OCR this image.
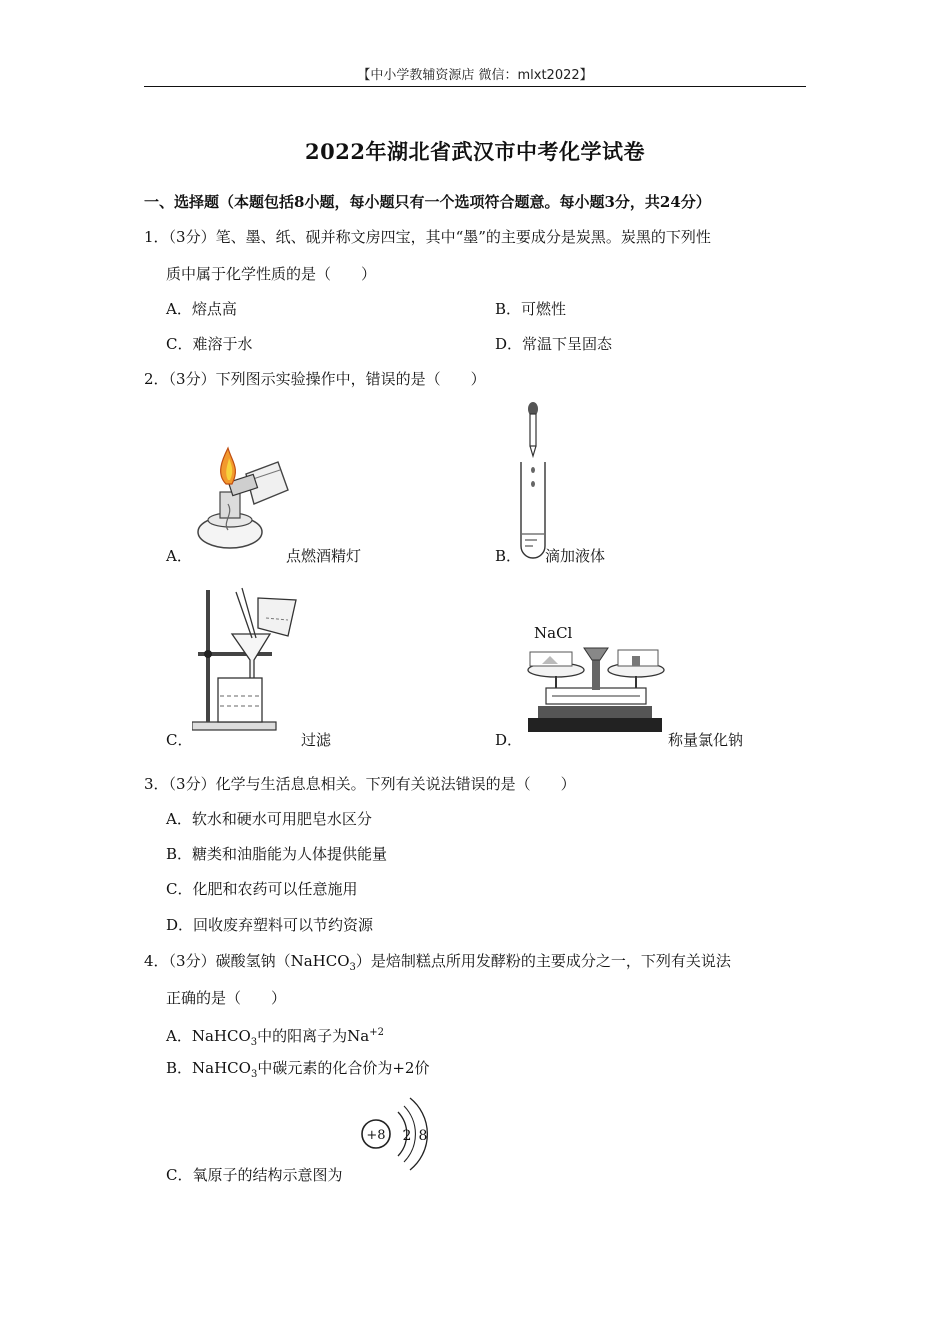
【中小学教辅资源店 微信：mlxt2022】
2022年湖北省武汉市中考化学试卷
一、选择题（本题包括8小题，每小题只有一个选项符合题意。每小题3分，共24分）
1．（3分）笔、墨、纸、砚并称文房四宝，其中“墨”的主要成分是炭黑。炭黑的下列性
质中属于化学性质的是（　　）
A．熔点高	B．可燃性
C．难溶于水	D．常温下呈固态
2．（3分）下列图示实验操作中，错误的是（　　）
A．	点燃酒精灯	B． 滴加液体
C．	过滤
NaCl
D．	称量氯化钠
3．（3分）化学与生活息息相关。下列有关说法错误的是（　　）
A．软水和硬水可用肥皂水区分
B．糖类和油脂能为人体提供能量
C．化肥和农药可以任意施用
D．回收废弃塑料可以节约资源
4．（3分）碳酸氢钠（NaHCO$_3$）是焙制糕点所用发酵粉的主要成分之一，下列有关说法
正确的是（　　）
A．NaHCO$_3$中的阳离子为$Na^{+2}$
B．NaHCO$_3$中碳元素的化合价为+2价
+8 2 8
C．氧原子的结构示意图为
